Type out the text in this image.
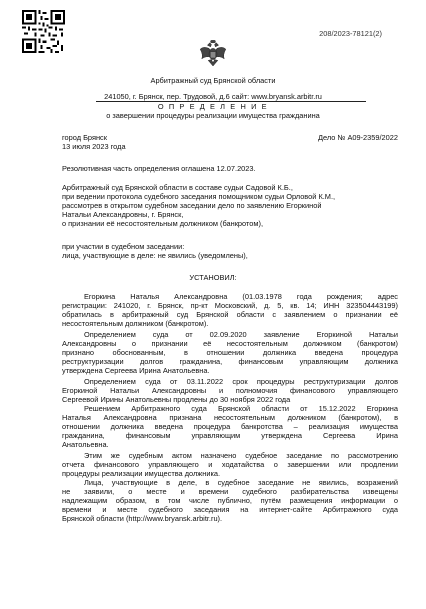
208/2023-78121(2)
Арбитражный суд Брянской области
241050, г. Брянск, пер. Трудовой, д.6 сайт: www.bryansk.arbitr.ru
О П Р Е Д Е Л Е Н И Е
о завершении процедуры реализации имущества гражданина
город Брянск	Дело № А09-2359/2022
13 июля 2023 года
Резолютивная часть определения оглашена 12.07.2023.
Арбитражный суд Брянской области в составе судьи Садовой К.Б.,
при ведении протокола судебного заседания помощником судьи Орловой К.М.,
рассмотрев в открытом судебном заседании дело по заявлению Егоркиной
Натальи Александровны, г. Брянск,
о признании её несостоятельным должником (банкротом),
при участии в судебном заседании:
лица, участвующие в деле: не явились (уведомлены),
УСТАНОВИЛ:

Егоркина Наталья Александровна (01.03.1978 года рождения; адрес

регистрации: 241020, г. Брянск, пр-кт Московский, д. 5, кв. 14; ИНН 323504443199)

обратилась в арбитражный суд Брянской области с заявлением о признании её

несостоятельным должником (банкротом).

Определением суда от 02.09.2020 заявление Егоркиной Натальи

Александровны о признании её несостоятельным должником (банкротом)

признано обоснованным, в отношении должника введена процедура

реструктуризации долгов гражданина, финансовым управляющим должника

утверждена Сергеева Ирина Анатольевна.

Определением суда от 03.11.2022 срок процедуры реструктуризации долгов

Егоркиной Натальи Александровны и полномочия финансового управляющего

Сергеевой Ирины Анатольевны продлены до 30 ноября 2022 года

Решением Арбитражного суда Брянской области от 15.12.2022 Егоркина

Наталья Александровна признана несостоятельным должником (банкротом), в

отношении должника введена процедура банкротства – реализация имущества

гражданина, финансовым управляющим утверждена Сергеева Ирина

Анатольевна.

Этим же судебным актом назначено судебное заседание по рассмотрению

отчета финансового управляющего и ходатайства о завершении или продлении

процедуры реализации имущества должника.

Лица, участвующие в деле, в судебное заседание не явились, возражений

не заявили, о месте и времени судебного разбирательства извещены

надлежащим образом, в том числе публично, путём размещения информации о

времени и месте судебного заседания на интернет-сайте Арбитражного суда

Брянской области (http://www.bryansk.arbitr.ru).
